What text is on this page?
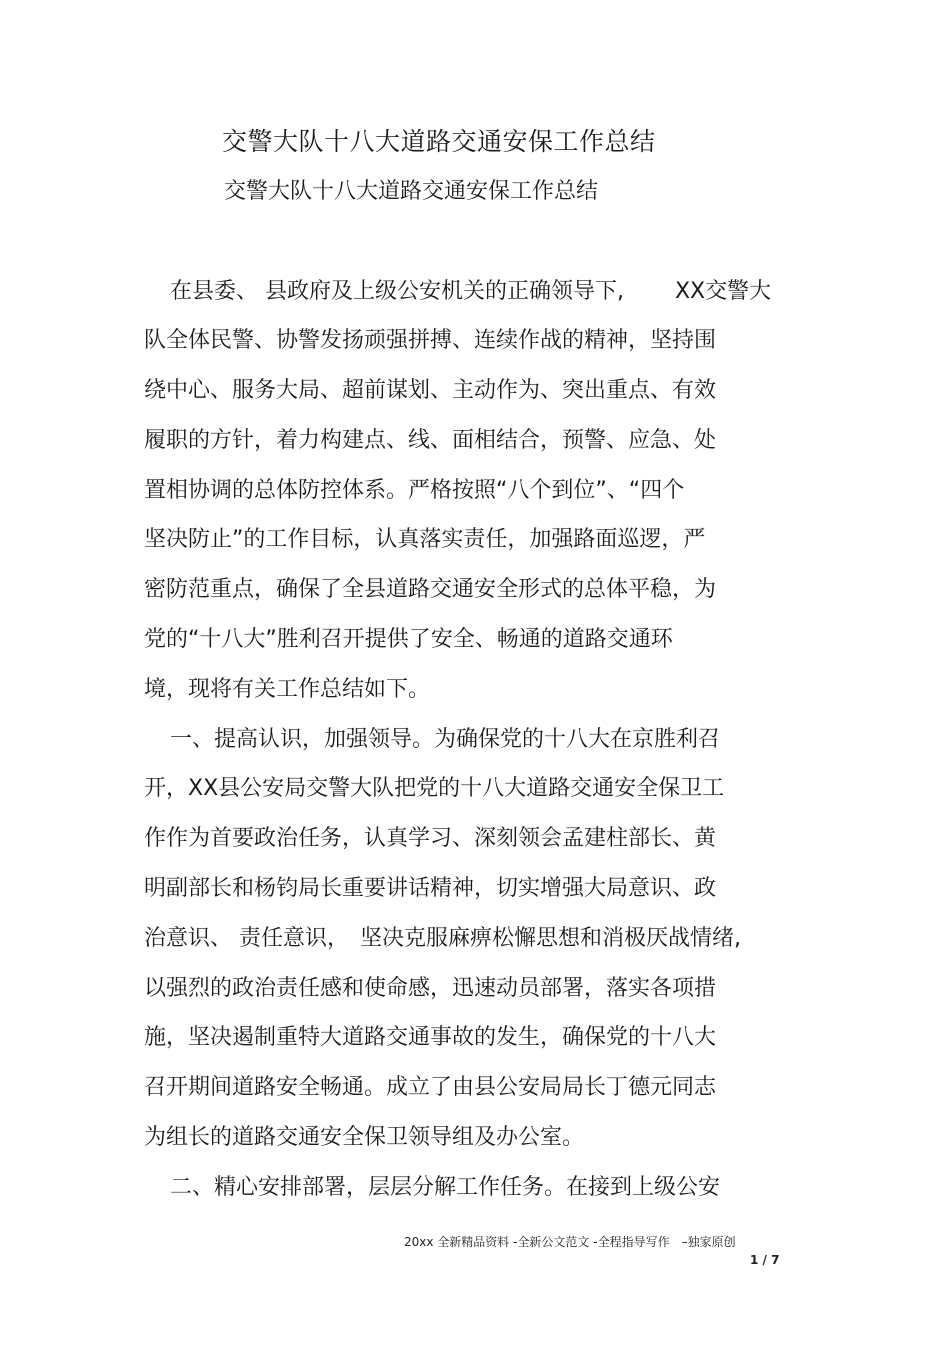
交警大队十八大道路交通安保工作总结
交警大队十八大道路交通安保工作总结
在县委、 县政府及上级公安机关的正确领导下,　　 XX交警大
队全体民警、协警发扬顽强拼搏、连续作战的精神，坚持围
绕中心、服务大局、超前谋划、主动作为、突出重点、有效
履职的方针，着力构建点、线、面相结合，预警、应急、处
置相协调的总体防控体系。严格按照“八个到位”、“四个
坚决防止”的工作目标，认真落实责任，加强路面巡逻，严
密防范重点，确保了全县道路交通安全形式的总体平稳，为
党的“十八大”胜利召开提供了安全、畅通的道路交通环
境，现将有关工作总结如下。
一、提高认识，加强领导。为确保党的十八大在京胜利召
开，XX县公安局交警大队把党的十八大道路交通安全保卫工
作作为首要政治任务，认真学习、深刻领会孟建柱部长、黄
明副部长和杨钧局长重要讲话精神，切实增强大局意识、政
治意识、 责任意识，　坚决克服麻痹松懈思想和消极厌战情绪,
以强烈的政治责任感和使命感，迅速动员部署，落实各项措
施，坚决遏制重特大道路交通事故的发生，确保党的十八大
召开期间道路安全畅通。成立了由县公安局局长丁德元同志
为组长的道路交通安全保卫领导组及办公室。
二、精心安排部署，层层分解工作任务。在接到上级公安
20xx 全新精品资料 -全新公文范文 -全程指导写作　–独家原创
1 / 7
